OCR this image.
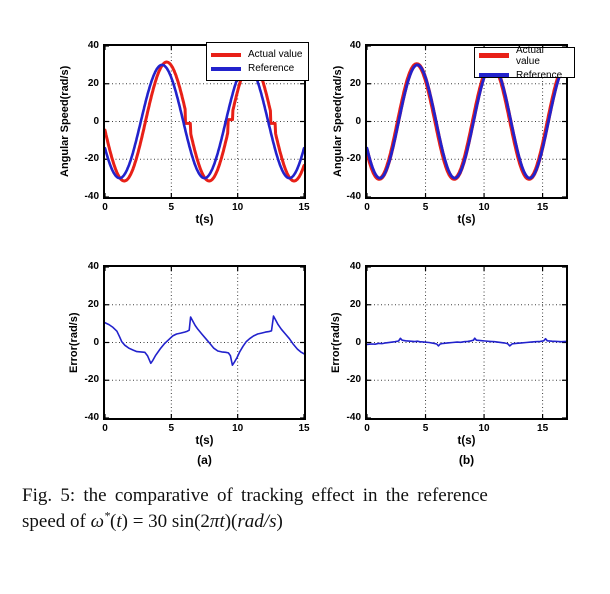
Angular Speed(rad/s)
Actual value
Reference
t(s)
0	5	10	15
-40
-20
0
20
40
Angular Speed(rad/s)
Actual value
Reference
t(s)
0	5	10	15
-40
-20
0
20
40
Error(rad/s)
t(s)
(a)
0	5	10	15
-40
-20
0
20
40
Error(rad/s)
t(s)
(b)
0	5	10	15
-40
-20
0
20
40
Fig. 5: the comparative of tracking effect in the reference
speed of ω*(t) = 30 sin(2πt)(rad/s)
